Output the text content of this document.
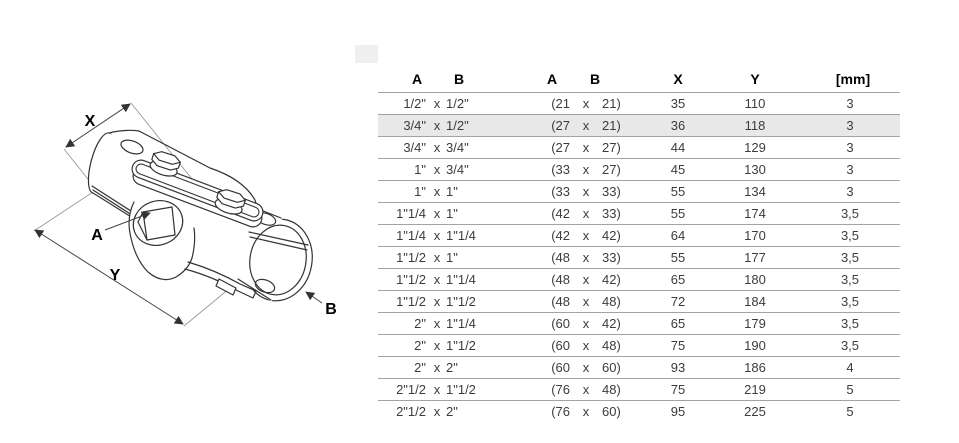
X
Y
A
B
A B	A B	X	Y	[mm]
1/2" x 1/2"	(21 x 21)	35	110	3
3/4" x 1/2"	(27 x 21)	36	118	3
3/4" x 3/4"	(27 x 27)	44	129	3
1" x 3/4"	(33 x 27)	45	130	3
1" x 1"	(33 x 33)	55	134	3
1"1/4 x 1"	(42 x 33)	55	174	3,5
1"1/4 x 1"1/4	(42 x 42)	64	170	3,5
1"1/2 x 1"	(48 x 33)	55	177	3,5
1"1/2 x 1"1/4	(48 x 42)	65	180	3,5
1"1/2 x 1"1/2	(48 x 48)	72	184	3,5
2" x 1"1/4	(60 x 42)	65	179	3,5
2" x 1"1/2	(60 x 48)	75	190	3,5
2" x 2"	(60 x 60)	93	186	4
2"1/2 x 1"1/2	(76 x 48)	75	219	5
2"1/2 x 2"	(76 x 60)	95	225	5
